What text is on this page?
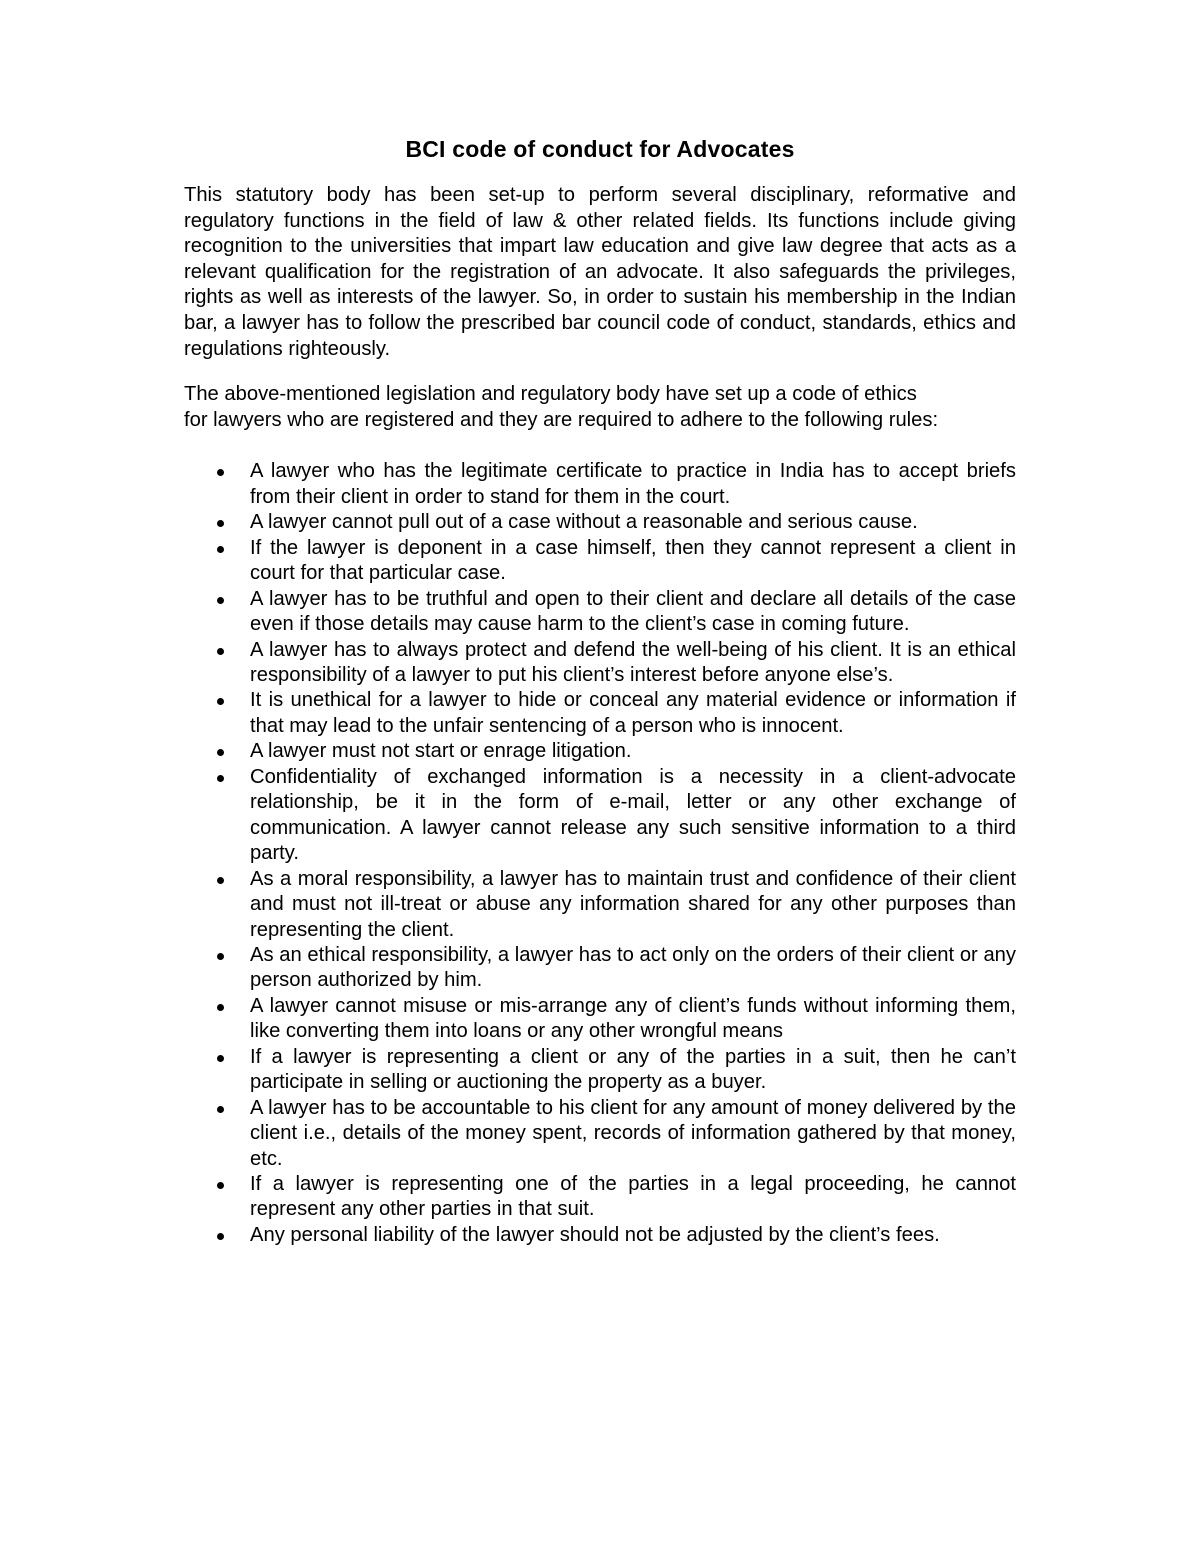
BCI code of conduct for Advocates

This statutory body has been set-up to perform several disciplinary, reformative and regulatory functions in the field of law & other related fields. Its functions include giving recognition to the universities that impart law education and give law degree that acts as a relevant qualification for the registration of an advocate. It also safeguards the privileges, rights as well as interests of the lawyer. So, in order to sustain his membership in the Indian bar, a lawyer has to follow the prescribed bar council code of conduct, standards, ethics and regulations righteously.

The above-mentioned legislation and regulatory body have set up a code of ethics
for lawyers who are registered and they are required to adhere to the following rules:

A lawyer who has the legitimate certificate to practice in India has to accept briefs from their client in order to stand for them in the court.
A lawyer cannot pull out of a case without a reasonable and serious cause.
If the lawyer is deponent in a case himself, then they cannot represent a client in court for that particular case.
A lawyer has to be truthful and open to their client and declare all details of the case even if those details may cause harm to the client’s case in coming future.
A lawyer has to always protect and defend the well-being of his client. It is an ethical responsibility of a lawyer to put his client’s interest before anyone else’s.
It is unethical for a lawyer to hide or conceal any material evidence or information if that may lead to the unfair sentencing of a person who is innocent.
A lawyer must not start or enrage litigation.
Confidentiality of exchanged information is a necessity in a client-advocate relationship, be it in the form of e-mail, letter or any other exchange of communication. A lawyer cannot release any such sensitive information to a third party.
As a moral responsibility, a lawyer has to maintain trust and confidence of their client and must not ill-treat or abuse any information shared for any other purposes than representing the client.
As an ethical responsibility, a lawyer has to act only on the orders of their client or any person authorized by him.
A lawyer cannot misuse or mis-arrange any of client’s funds without informing them, like converting them into loans or any other wrongful means
If a lawyer is representing a client or any of the parties in a suit, then he can’t participate in selling or auctioning the property as a buyer.
A lawyer has to be accountable to his client for any amount of money delivered by the client i.e., details of the money spent, records of information gathered by that money, etc.
If a lawyer is representing one of the parties in a legal proceeding, he cannot represent any other parties in that suit.
Any personal liability of the lawyer should not be adjusted by the client’s fees.
